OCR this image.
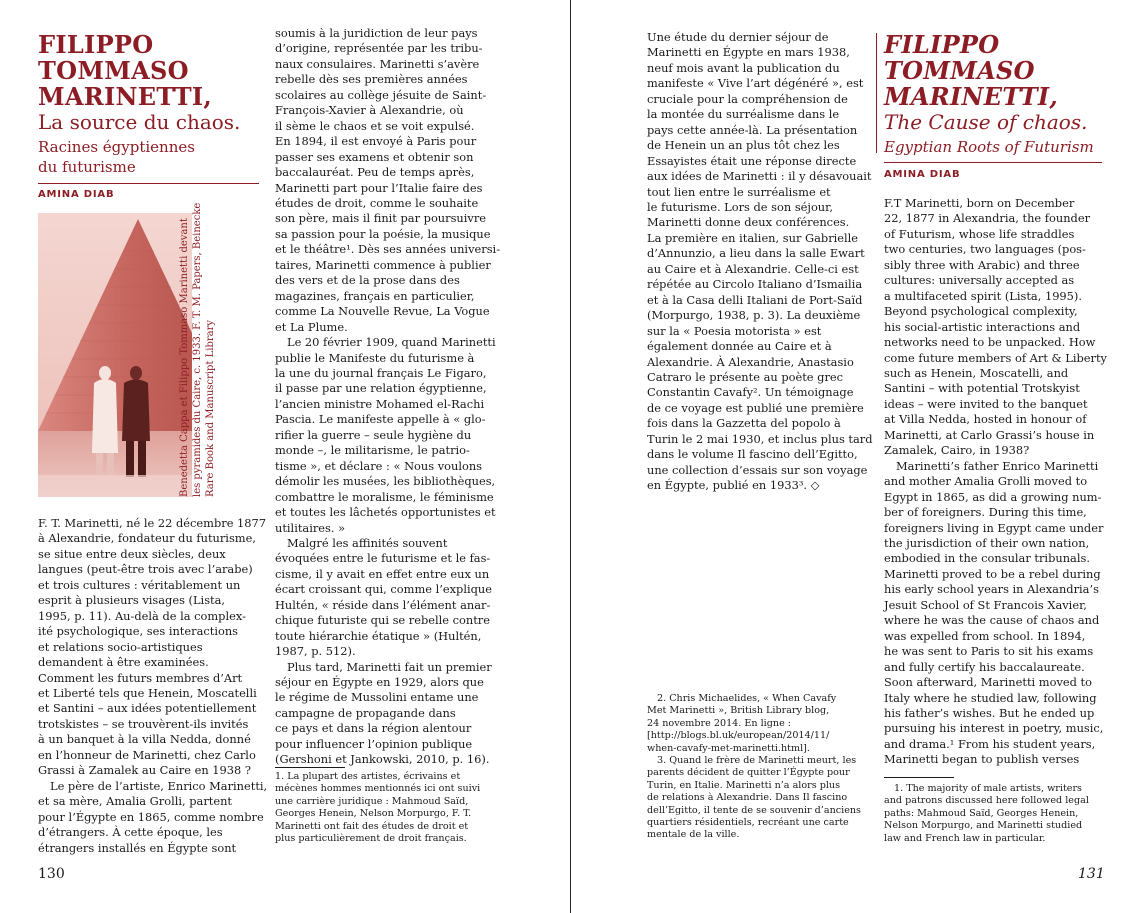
FILIPPO
TOMMASO
MARINETTI,
La source du chaos.
Racines égyptiennes
du futurisme
AMINA DIAB
Benedetta Cappa et Filippo Tommaso Marinetti devant les pyramides du Caire, c. 1933. F. T. M. Papers, Beinecke Rare Book and Manuscript Library
F. T. Marinetti, né le 22 décembre 1877
à Alexandrie, fondateur du futurisme,
se situe entre deux siècles, deux
langues (peut-être trois avec l’arabe)
et trois cultures : véritablement un
esprit à plusieurs visages (Lista,
1995, p. 11). Au-delà de la complex-
ité psychologique, ses interactions
et relations socio-artistiques
demandent à être examinées.
Comment les futurs membres d’Art
et Liberté tels que Henein, Moscatelli
et Santini – aux idées potentiellement
trotskistes – se trouvèrent-ils invités
à un banquet à la villa Nedda, donné
en l’honneur de Marinetti, chez Carlo
Grassi à Zamalek au Caire en 1938 ?
Le père de l’artiste, Enrico Marinetti,
et sa mère, Amalia Grolli, partent
pour l’Égypte en 1865, comme nombre
d’étrangers. À cette époque, les
étrangers installés en Égypte sont
soumis à la juridiction de leur pays
d’origine, représentée par les tribu-
naux consulaires. Marinetti s’avère
rebelle dès ses premières années
scolaires au collège jésuite de Saint-
François-Xavier à Alexandrie, où
il sème le chaos et se voit expulsé.
En 1894, il est envoyé à Paris pour
passer ses examens et obtenir son
baccalauréat. Peu de temps après,
Marinetti part pour l’Italie faire des
études de droit, comme le souhaite
son père, mais il finit par poursuivre
sa passion pour la poésie, la musique
et le théâtre¹. Dès ses années universi-
taires, Marinetti commence à publier
des vers et de la prose dans des
magazines, français en particulier,
comme La Nouvelle Revue, La Vogue
et La Plume.
Le 20 février 1909, quand Marinetti
publie le Manifeste du futurisme à
la une du journal français Le Figaro,
il passe par une relation égyptienne,
l’ancien ministre Mohamed el-Rachi
Pascia. Le manifeste appelle à « glo-
rifier la guerre – seule hygiène du
monde –, le militarisme, le patrio-
tisme », et déclare : « Nous voulons
démolir les musées, les bibliothèques,
combattre le moralisme, le féminisme
et toutes les lâchetés opportunistes et
utilitaires. »
Malgré les affinités souvent
évoquées entre le futurisme et le fas-
cisme, il y avait en effet entre eux un
écart croissant qui, comme l’explique
Hultén, « réside dans l’élément anar-
chique futuriste qui se rebelle contre
toute hiérarchie étatique » (Hultén,
1987, p. 512).
Plus tard, Marinetti fait un premier
séjour en Égypte en 1929, alors que
le régime de Mussolini entame une
campagne de propagande dans
ce pays et dans la région alentour
pour influencer l’opinion publique
(Gershoni et Jankowski, 2010, p. 16).
1. La plupart des artistes, écrivains et
mécènes hommes mentionnés ici ont suivi
une carrière juridique : Mahmoud Saïd,
Georges Henein, Nelson Morpurgo, F. T.
Marinetti ont fait des études de droit et
plus particulièrement de droit français.
130
Une étude du dernier séjour de
Marinetti en Égypte en mars 1938,
neuf mois avant la publication du
manifeste « Vive l’art dégénéré », est
cruciale pour la compréhension de
la montée du surréalisme dans le
pays cette année-là. La présentation
de Henein un an plus tôt chez les
Essayistes était une réponse directe
aux idées de Marinetti : il y désavouait
tout lien entre le surréalisme et
le futurisme. Lors de son séjour,
Marinetti donne deux conférences.
La première en italien, sur Gabrielle
d’Annunzio, a lieu dans la salle Ewart
au Caire et à Alexandrie. Celle-ci est
répétée au Circolo Italiano d’Ismailia
et à la Casa delli Italiani de Port-Saïd
(Morpurgo, 1938, p. 3). La deuxième
sur la « Poesia motorista » est
également donnée au Caire et à
Alexandrie. À Alexandrie, Anastasio
Catraro le présente au poète grec
Constantin Cavafy². Un témoignage
de ce voyage est publié une première
fois dans la Gazzetta del popolo à
Turin le 2 mai 1930, et inclus plus tard
dans le volume Il fascino dell’Egitto,
une collection d’essais sur son voyage
en Égypte, publié en 1933³. ◇
2. Chris Michaelides, « When Cavafy
Met Marinetti », British Library blog,
24 novembre 2014. En ligne :
[http://blogs.bl.uk/european/2014/11/
when-cavafy-met-marinetti.html].
3. Quand le frère de Marinetti meurt, les
parents décident de quitter l’Égypte pour
Turin, en Italie. Marinetti n’a alors plus
de relations à Alexandrie. Dans Il fascino
dell’Egitto, il tente de se souvenir d’anciens
quartiers résidentiels, recréant une carte
mentale de la ville.
FILIPPO
TOMMASO
MARINETTI,
The Cause of chaos.
Egyptian Roots of Futurism
AMINA DIAB
F.T Marinetti, born on December
22, 1877 in Alexandria, the founder
of Futurism, whose life straddles
two centuries, two languages (pos-
sibly three with Arabic) and three
cultures: universally accepted as
a multifaceted spirit (Lista, 1995).
Beyond psychological complexity,
his social-artistic interactions and
networks need to be unpacked. How
come future members of Art & Liberty
such as Henein, Moscatelli, and
Santini – with potential Trotskyist
ideas – were invited to the banquet
at Villa Nedda, hosted in honour of
Marinetti, at Carlo Grassi’s house in
Zamalek, Cairo, in 1938?
Marinetti’s father Enrico Marinetti
and mother Amalia Grolli moved to
Egypt in 1865, as did a growing num-
ber of foreigners. During this time,
foreigners living in Egypt came under
the jurisdiction of their own nation,
embodied in the consular tribunals.
Marinetti proved to be a rebel during
his early school years in Alexandria’s
Jesuit School of St Francois Xavier,
where he was the cause of chaos and
was expelled from school. In 1894,
he was sent to Paris to sit his exams
and fully certify his baccalaureate.
Soon afterward, Marinetti moved to
Italy where he studied law, following
his father’s wishes. But he ended up
pursuing his interest in poetry, music,
and drama.¹ From his student years,
Marinetti began to publish verses
1. The majority of male artists, writers
and patrons discussed here followed legal
paths: Mahmoud Saïd, Georges Henein,
Nelson Morpurgo, and Marinetti studied
law and French law in particular.
131
